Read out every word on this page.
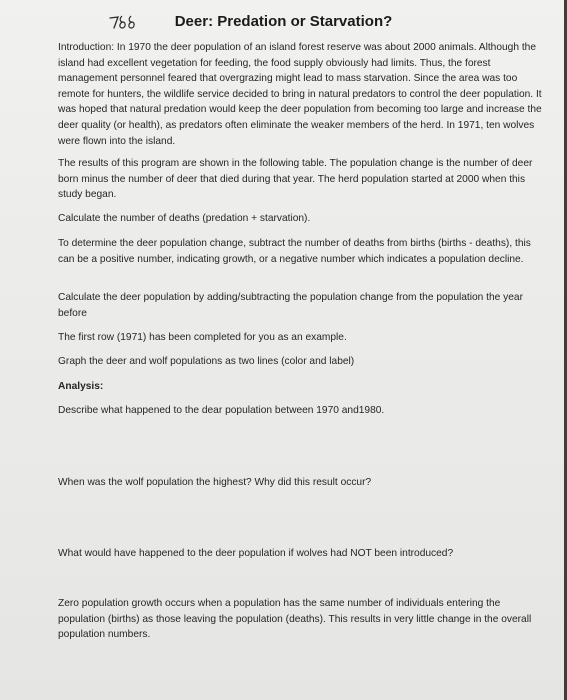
Deer: Predation or Starvation?

Introduction: In 1970 the deer population of an island forest reserve was about 2000 animals. Although the island had excellent vegetation for feeding, the food supply obviously had limits. Thus, the forest management personnel feared that overgrazing might lead to mass starvation. Since the area was too remote for hunters, the wildlife service decided to bring in natural predators to control the deer population. It was hoped that natural predation would keep the deer population from becoming too large and increase the deer quality (or health), as predators often eliminate the weaker members of the herd. In 1971, ten wolves were flown into the island.

The results of this program are shown in the following table. The population change is the number of deer born minus the number of deer that died during that year. The herd population started at 2000 when this study began.

Calculate the number of deaths (predation + starvation).

To determine the deer population change, subtract the number of deaths from births (births - deaths), this can be a positive number, indicating growth, or a negative number which indicates a population decline.

Calculate the deer population by adding/subtracting the population change from the population the year before

The first row (1971) has been completed for you as an example.

Graph the deer and wolf populations as two lines (color and label)

Analysis:

Describe what happened to the dear population between 1970 and1980.

When was the wolf population the highest? Why did this result occur?

What would have happened to the deer population if wolves had NOT been introduced?

Zero population growth occurs when a population has the same number of individuals entering the population (births) as those leaving the population (deaths). This results in very little change in the overall population numbers.
